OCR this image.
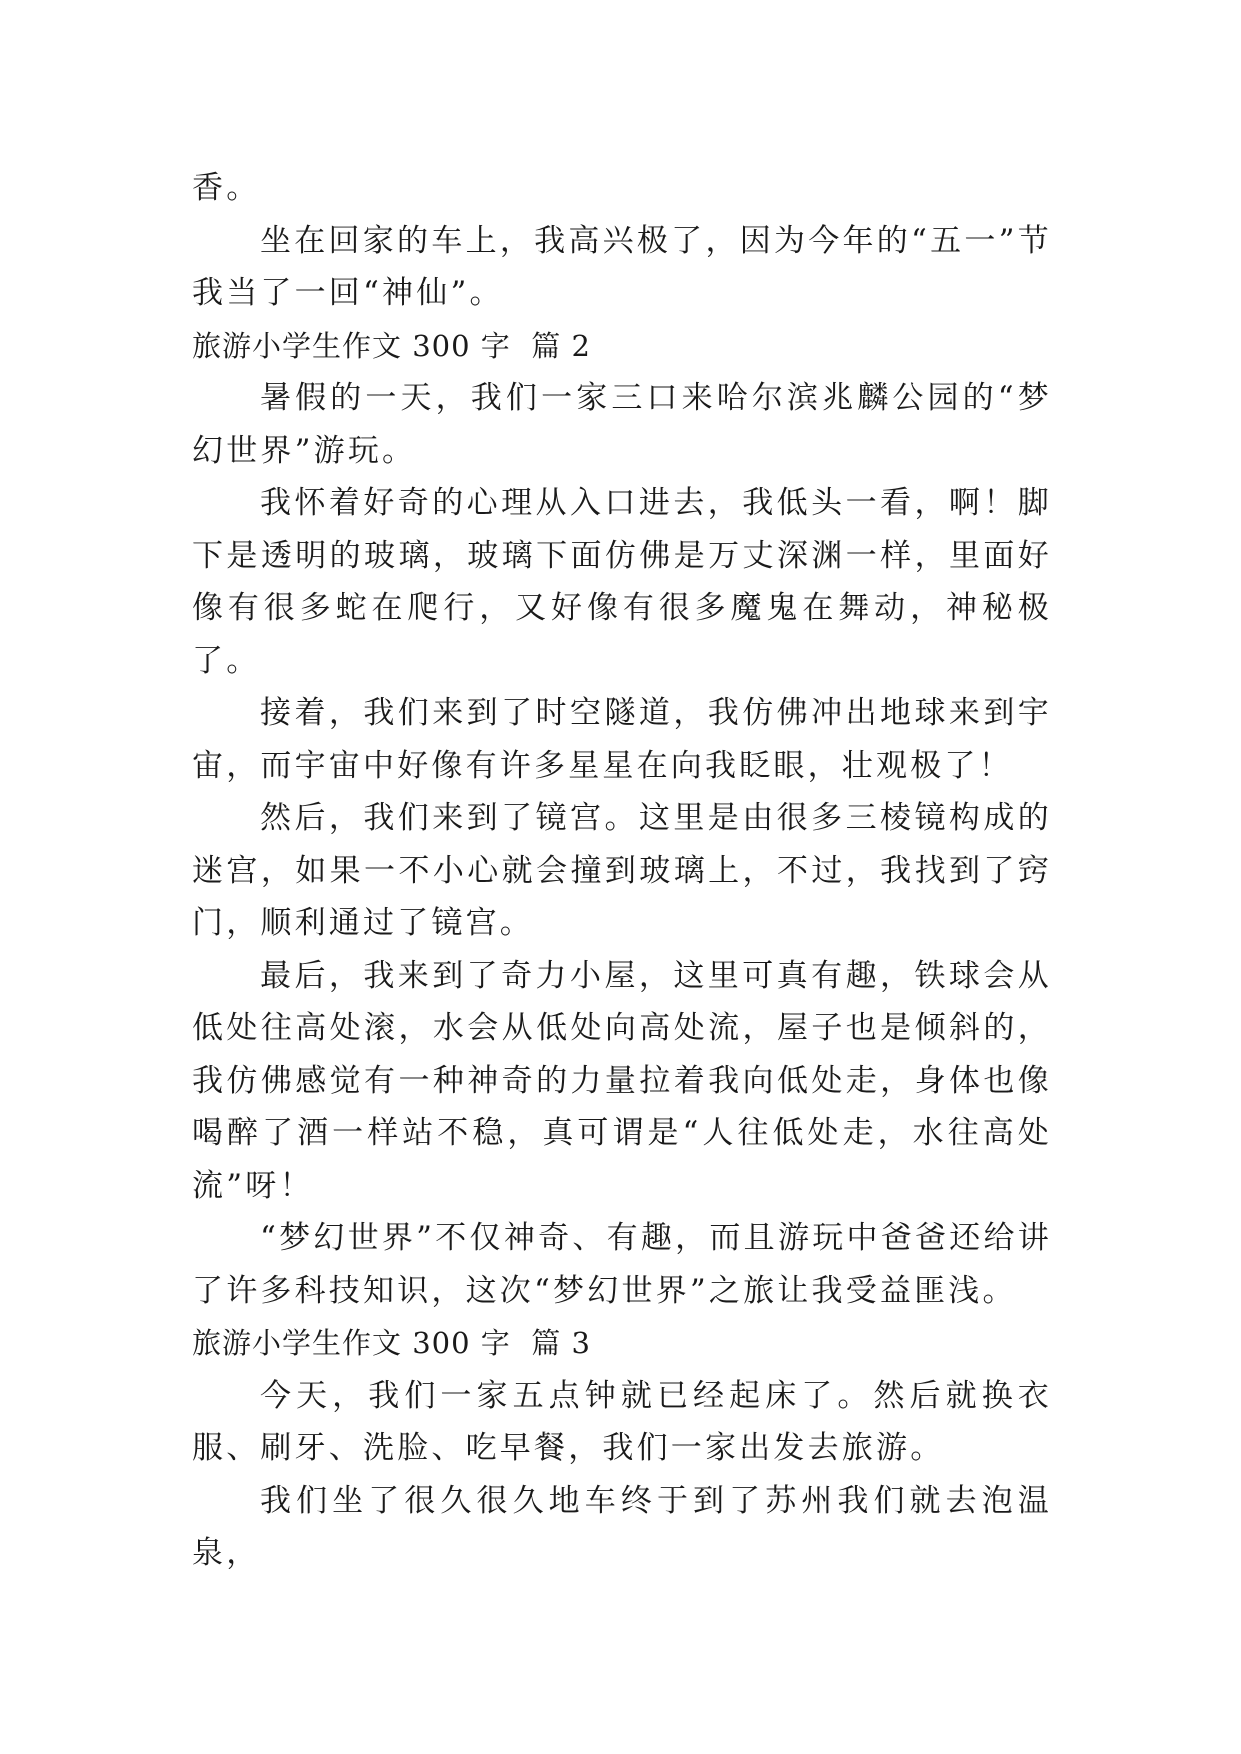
香。

坐在回家的车上，我高兴极了，因为今年的“五一”节我当了一回“神仙”。

旅游小学生作文 300 字  篇 2

暑假的一天，我们一家三口来哈尔滨兆麟公园的“梦幻世界”游玩。

我怀着好奇的心理从入口进去，我低头一看，啊！脚下是透明的玻璃，玻璃下面仿佛是万丈深渊一样，里面好像有很多蛇在爬行，又好像有很多魔鬼在舞动，神秘极了。

接着，我们来到了时空隧道，我仿佛冲出地球来到宇宙，而宇宙中好像有许多星星在向我眨眼，壮观极了！

然后，我们来到了镜宫。这里是由很多三棱镜构成的迷宫，如果一不小心就会撞到玻璃上，不过，我找到了窍门，顺利通过了镜宫。

最后，我来到了奇力小屋，这里可真有趣，铁球会从低处往高处滚，水会从低处向高处流，屋子也是倾斜的，我仿佛感觉有一种神奇的力量拉着我向低处走，身体也像喝醉了酒一样站不稳，真可谓是“人往低处走，水往高处流”呀！

“梦幻世界”不仅神奇、有趣，而且游玩中爸爸还给讲了许多科技知识，这次“梦幻世界”之旅让我受益匪浅。

旅游小学生作文 300 字  篇 3

今天，我们一家五点钟就已经起床了。然后就换衣服、刷牙、洗脸、吃早餐，我们一家出发去旅游。

我们坐了很久很久地车终于到了苏州我们就去泡温泉，
